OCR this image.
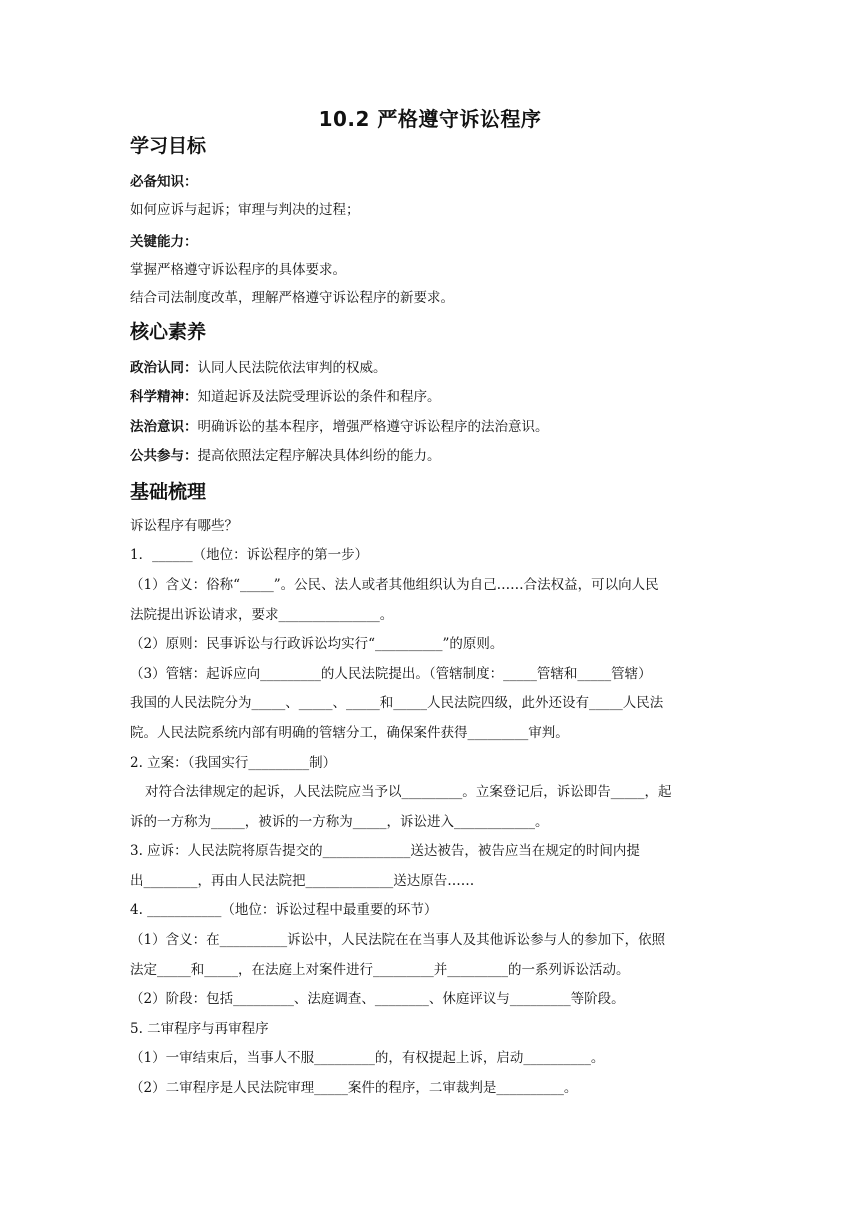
10.2 严格遵守诉讼程序
学习目标
必备知识：
如何应诉与起诉；审理与判决的过程；
关键能力：
掌握严格遵守诉讼程序的具体要求。
结合司法制度改革，理解严格遵守诉讼程序的新要求。
核心素养
政治认同：认同人民法院依法审判的权威。
科学精神：知道起诉及法院受理诉讼的条件和程序。
法治意识：明确诉讼的基本程序，增强严格遵守诉讼程序的法治意识。
公共参与：提高依照法定程序解决具体纠纷的能力。
基础梳理
诉讼程序有哪些？
1．______（地位：诉讼程序的第一步）
（1）含义：俗称“_____”。公民、法人或者其他组织认为自己……合法权益，可以向人民
法院提出诉讼请求，要求_______________。
（2）原则：民事诉讼与行政诉讼均实行“__________”的原则。
（3）管辖：起诉应向_________的人民法院提出。（管辖制度：_____管辖和_____管辖）
我国的人民法院分为_____、_____、_____和_____人民法院四级，此外还设有_____人民法
院。人民法院系统内部有明确的管辖分工，确保案件获得_________审判。
2. 立案：（我国实行_________制）
对符合法律规定的起诉，人民法院应当予以_________。立案登记后，诉讼即告_____，起
诉的一方称为_____，被诉的一方称为_____，诉讼进入____________。
3. 应诉：人民法院将原告提交的_____________送达被告，被告应当在规定的时间内提
出________，再由人民法院把_____________送达原告……
4. ___________（地位：诉讼过程中最重要的环节）
（1）含义：在__________诉讼中，人民法院在在当事人及其他诉讼参与人的参加下，依照
法定_____和_____，在法庭上对案件进行_________并_________的一系列诉讼活动。
（2）阶段：包括_________、法庭调查、________、休庭评议与_________等阶段。
5. 二审程序与再审程序
（1）一审结束后，当事人不服_________的，有权提起上诉，启动__________。
（2）二审程序是人民法院审理_____案件的程序，二审裁判是__________。
